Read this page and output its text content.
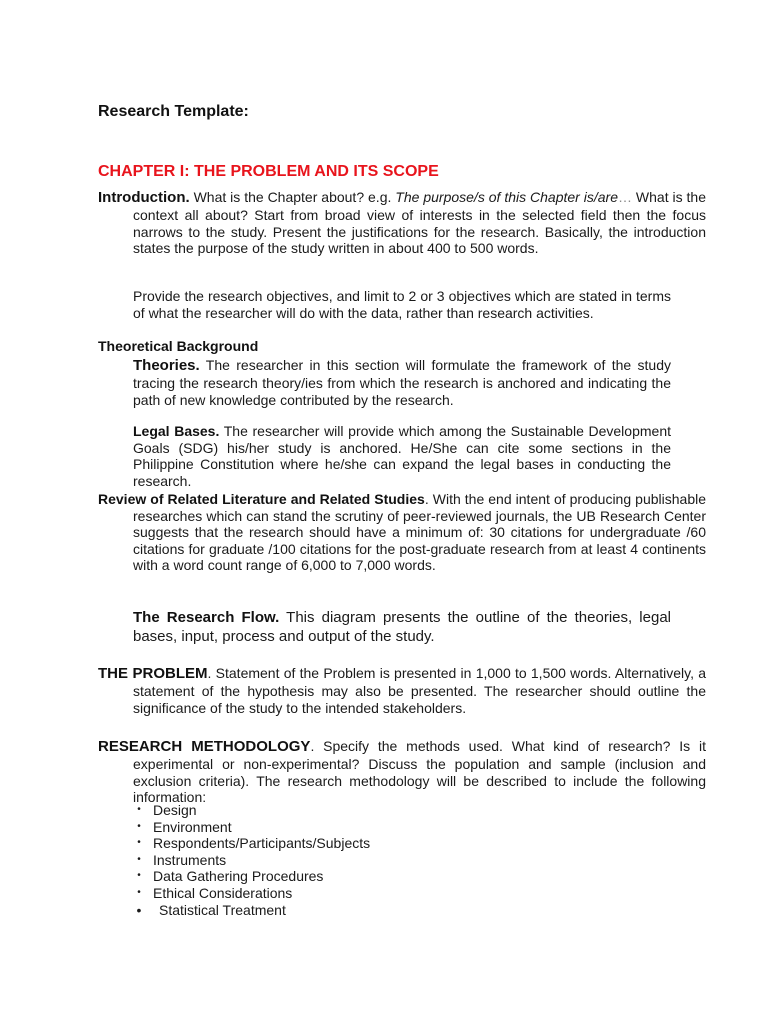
Research Template:
CHAPTER I: THE PROBLEM AND ITS SCOPE
Introduction. What is the Chapter about? e.g. The purpose/s of this Chapter is/are… What is the context all about? Start from broad view of interests in the selected field then the focus narrows to the study. Present the justifications for the research. Basically, the introduction states the purpose of the study written in about 400 to 500 words.
Provide the research objectives, and limit to 2 or 3 objectives which are stated in terms of what the researcher will do with the data, rather than research activities.
Theoretical Background
Theories. The researcher in this section will formulate the framework of the study tracing the research theory/ies from which the research is anchored and indicating the path of new knowledge contributed by the research.
Legal Bases. The researcher will provide which among the Sustainable Development Goals (SDG) his/her study is anchored. He/She can cite some sections in the Philippine Constitution where he/she can expand the legal bases in conducting the research.
Review of Related Literature and Related Studies. With the end intent of producing publishable researches which can stand the scrutiny of peer-reviewed journals, the UB Research Center suggests that the research should have a minimum of: 30 citations for undergraduate /60 citations for graduate /100 citations for the post-graduate research from at least 4 continents with a word count range of 6,000 to 7,000 words.
The Research Flow. This diagram presents the outline of the theories, legal bases, input, process and output of the study.
THE PROBLEM. Statement of the Problem is presented in 1,000 to 1,500 words. Alternatively, a statement of the hypothesis may also be presented. The researcher should outline the significance of the study to the intended stakeholders.
RESEARCH METHODOLOGY. Specify the methods used. What kind of research? Is it experimental or non-experimental? Discuss the population and sample (inclusion and exclusion criteria). The research methodology will be described to include the following information:
• Design
• Environment
• Respondents/Participants/Subjects
• Instruments
• Data Gathering Procedures
• Ethical Considerations
• Statistical Treatment
